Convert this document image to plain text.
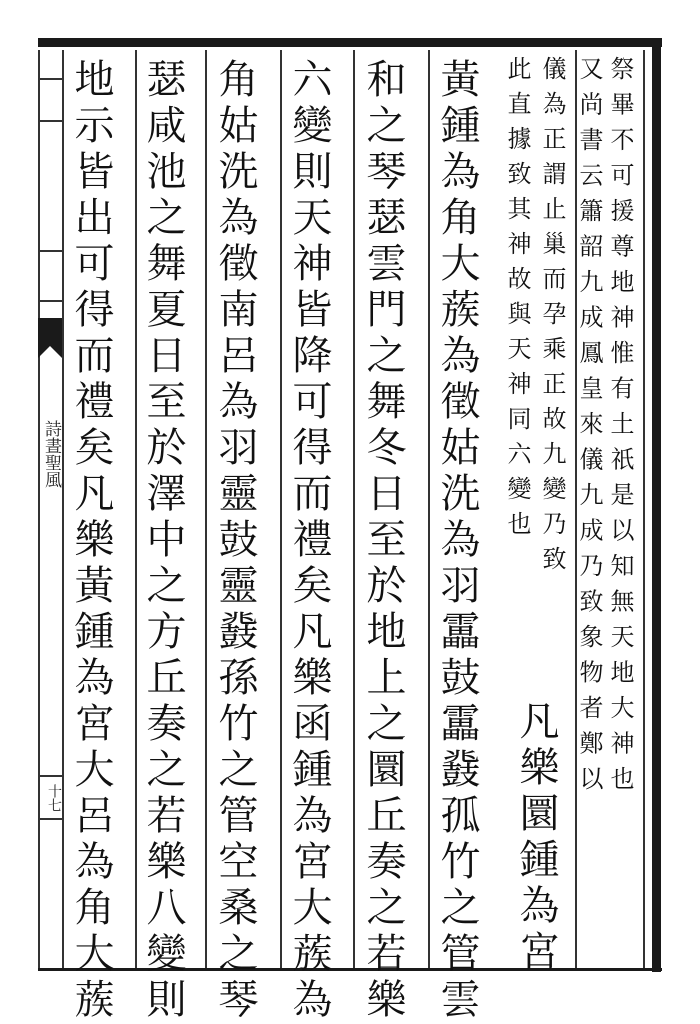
詩晝聖風
十七	祭畢不可援尊地神惟有土祇是以知無天地大神也
又尚書云簫韶九成鳳皇來儀九成乃致象物者鄭以
儀為正謂止巢而孕乘正故九變乃致
此直據致其神故與天神同六變也
凡樂圜鍾為宮
黃鍾為角大蔟為徵姑洗為羽靁鼓靁鼗孤竹之管雲
和之琴瑟雲門之舞冬日至於地上之圜丘奏之若樂
六變則天神皆降可得而禮矣凡樂函鍾為宮大蔟為
角姑洗為徵南呂為羽靈鼓靈鼗孫竹之管空桑之琴
瑟咸池之舞夏日至於澤中之方丘奏之若樂八變則
地示皆出可得而禮矣凡樂黃鍾為宮大呂為角大蔟
